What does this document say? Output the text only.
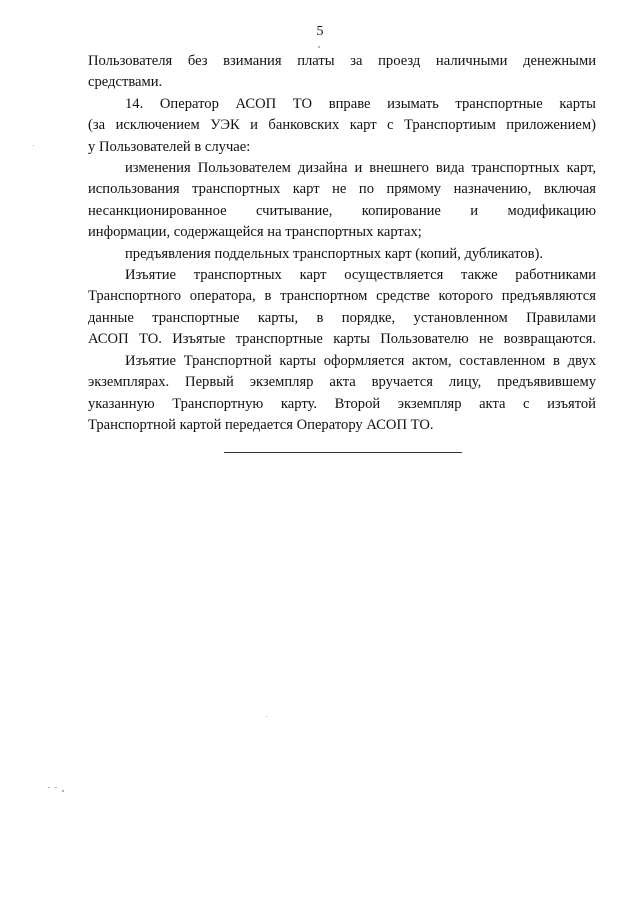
5

Пользователя без взимания платы за проезд наличными денежными
средствами.

14. Оператор АСОП ТО вправе изымать транспортные карты
(за исключением УЭК и банковских карт с Транспортиым приложением)
у Пользователей в случае:

изменения Пользователем дизайна и внешнего вида транспортных карт,
использования транспортных карт не по прямому назначению, включая
несанкционированное считывание, копирование и модификацию
информации, содержащейся на транспортных картах;

предъявления поддельных транспортных карт (копий, дубликатов).

Изъятие транспортных карт осуществляется также работниками
Транспортного оператора, в транспортном средстве которого предъявляются
данные транспортные карты, в порядке, установленном Правилами
АСОП ТО. Изъятые транспортные карты Пользователю не возвращаются.

Изъятие Транспортной карты оформляется актом, составленном в двух
экземплярах. Первый экземпляр акта вручается лицу, предъявившему
указанную Транспортную карту. Второй экземпляр акта с изъятой
Транспортной картой передается Оператору АСОП ТО.
